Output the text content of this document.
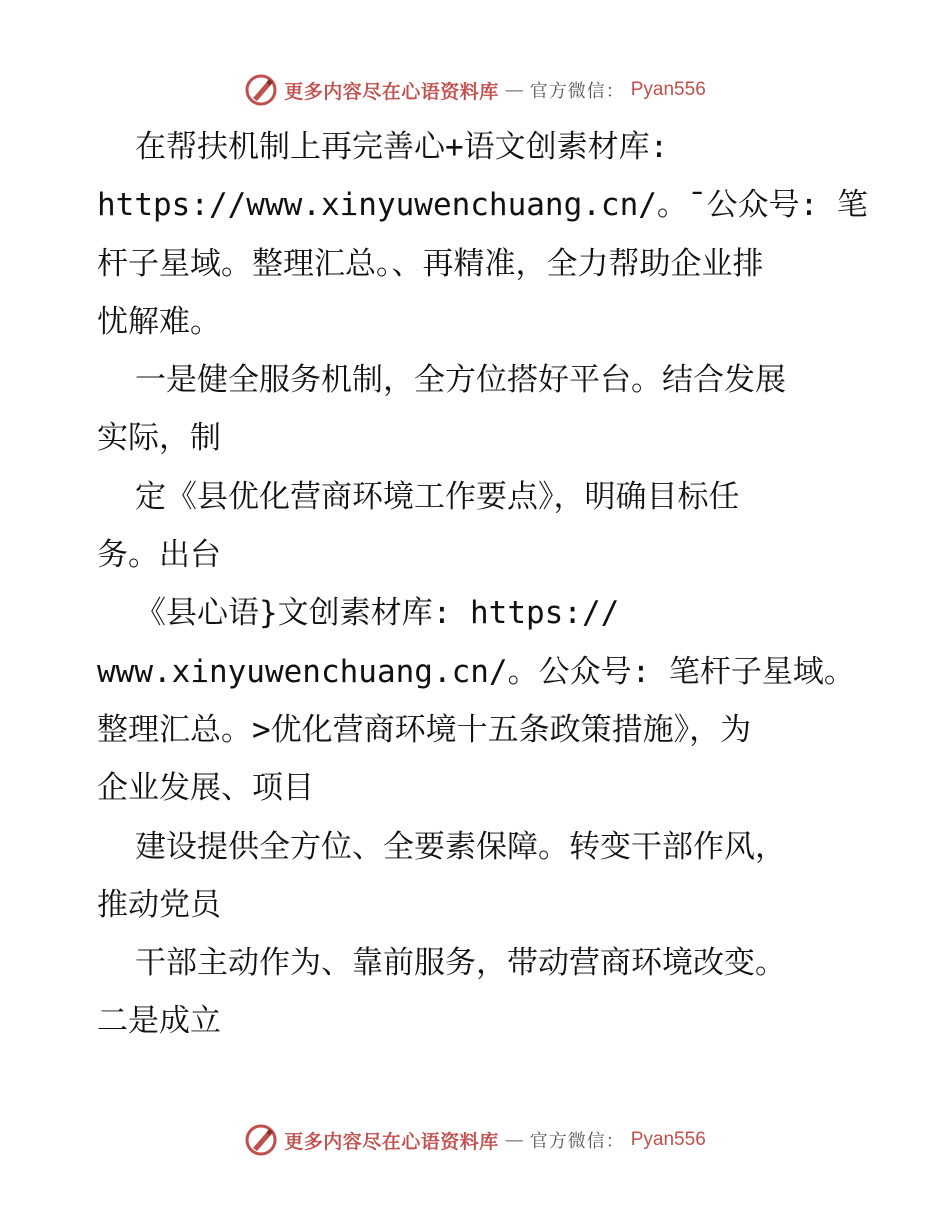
更多内容尽在心语资料库 — 官方微信： Pyan556
在帮扶机制上再完善心+语文创素材库:
https://www.xinyuwenchuang.cn/。¯公众号: 笔
杆子星域。整理汇总。、再精准，全力帮助企业排
忧解难。
一是健全服务机制，全方位搭好平台。结合发展
实际，制
定《县优化营商环境工作要点》，明确目标任
务。出台
《县心语}文创素材库: https://
www.xinyuwenchuang.cn/。公众号: 笔杆子星域。
整理汇总。>优化营商环境十五条政策措施》，为
企业发展、项目
建设提供全方位、全要素保障。转变干部作风，
推动党员
干部主动作为、靠前服务，带动营商环境改变。
二是成立
更多内容尽在心语资料库 — 官方微信： Pyan556
